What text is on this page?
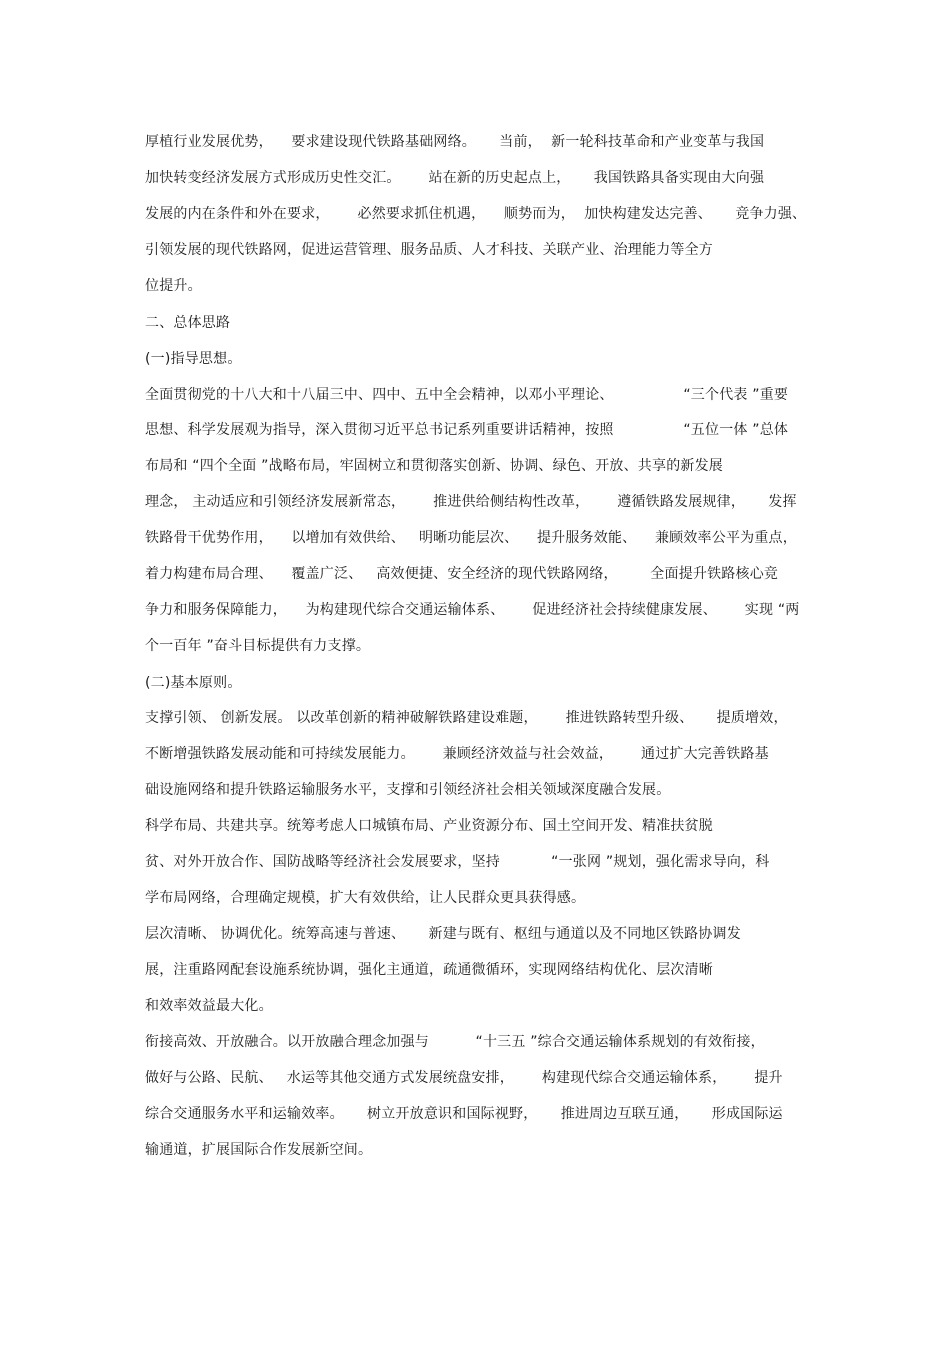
厚植行业发展优势，    要求建设现代铁路基础网络。     当前，  新一轮科技革命和产业变革与我国
加快转变经济发展方式形成历史性交汇。      站在新的历史起点上，     我国铁路具备实现由大向强
发展的内在条件和外在要求，      必然要求抓住机遇，    顺势而为，  加快构建发达完善、     竞争力强、
引领发展的现代铁路网，促进运营管理、服务品质、人才科技、关联产业、治理能力等全方
位提升。
二、总体思路
(一)指导思想。
全面贯彻党的十八大和十八届三中、四中、五中全会精神，以邓小平理论、               “三个代表 ”重要
思想、科学发展观为指导，深入贯彻习近平总书记系列重要讲话精神，按照               “五位一体 ”总体
布局和 “四个全面 ”战略布局，牢固树立和贯彻落实创新、协调、绿色、开放、共享的新发展
理念， 主动适应和引领经济发展新常态，      推进供给侧结构性改革，      遵循铁路发展规律，     发挥
铁路骨干优势作用，    以增加有效供给、   明晰功能层次、    提升服务效能、    兼顾效率公平为重点，
着力构建布局合理、    覆盖广泛、   高效便捷、安全经济的现代铁路网络，       全面提升铁路核心竞
争力和服务保障能力，    为构建现代综合交通运输体系、      促进经济社会持续健康发展、      实现 “两
个一百年 ”奋斗目标提供有力支撑。
(二)基本原则。
支撑引领、 创新发展。 以改革创新的精神破解铁路建设难题，      推进铁路转型升级、     提质增效，
不断增强铁路发展动能和可持续发展能力。      兼顾经济效益与社会效益，      通过扩大完善铁路基
础设施网络和提升铁路运输服务水平，支撑和引领经济社会相关领域深度融合发展。
科学布局、共建共享。统筹考虑人口城镇布局、产业资源分布、国土空间开发、精准扶贫脱
贫、对外开放合作、国防战略等经济社会发展要求，坚持           “一张网 ”规划，强化需求导向，科
学布局网络，合理确定规模，扩大有效供给，让人民群众更具获得感。
层次清晰、 协调优化。统筹高速与普速、     新建与既有、枢纽与通道以及不同地区铁路协调发
展，注重路网配套设施系统协调，强化主通道，疏通微循环，实现网络结构优化、层次清晰
和效率效益最大化。
衔接高效、开放融合。以开放融合理念加强与          “十三五 ”综合交通运输体系规划的有效衔接，
做好与公路、民航、   水运等其他交通方式发展统盘安排，      构建现代综合交通运输体系，      提升
综合交通服务水平和运输效率。     树立开放意识和国际视野，     推进周边互联互通，     形成国际运
输通道，扩展国际合作发展新空间。
